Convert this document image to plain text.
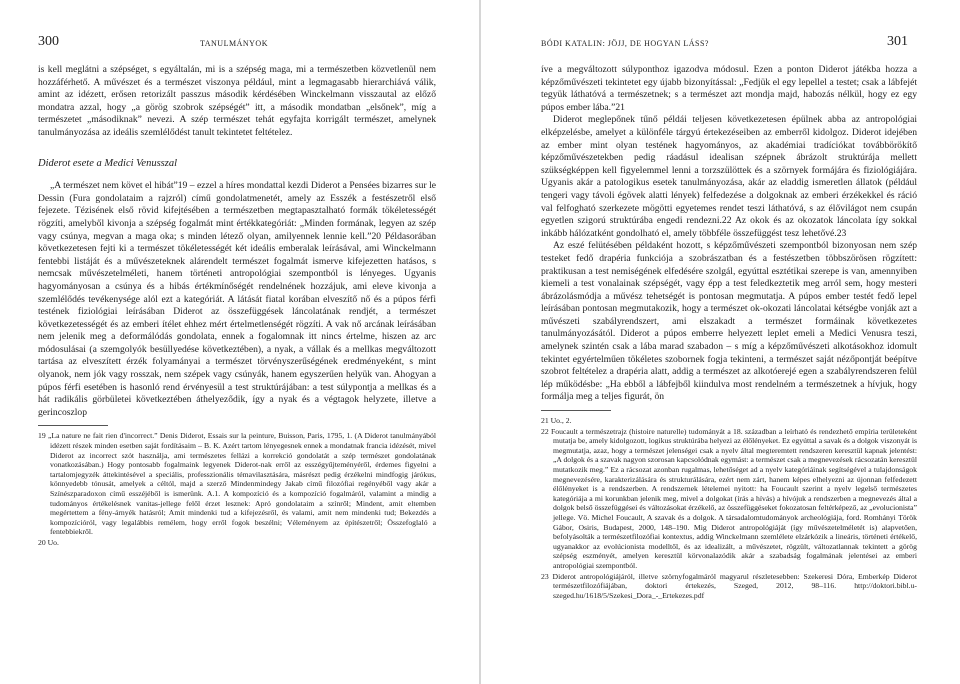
300	TANULMÁNYOK

is kell meglátni a szépséget, s egyáltalán, mi is a szépség maga, mi a természetben közvetlenül nem hozzáférhető. A művészet és a természet viszonya például, mint a legmagasabb hierarchiává válik, amint az idézett, erősen retorizált passzus második kérdésében Winckelmann visszautal az előző mondatra azzal, hogy „a görög szobrok szépségét” itt, a második mondatban „elsőnek”, míg a természetet „másodiknak” nevezi. A szép természet tehát egyfajta korrigált természet, amelynek tanulmányozása az ideális szemlélődést tanult tekintetet feltételez.

Diderot esete a Medici Venusszal

„A természet nem követ el hibát”19 – ezzel a híres mondattal kezdi Diderot a Pensées bizarres sur le Dessin (Fura gondolataim a rajzról) című gondolatmenetét, amely az Esszék a festészetről első fejezete. Tézisének első rövid kifejtésében a természetben megtapasztalható formák tökéletességét rögzíti, amelyből kivonja a szépség fogalmát mint értékkategóriát: „Minden formának, legyen az szép vagy csúnya, megvan a maga oka; s minden létező olyan, amilyennek lennie kell.”20 Példasorában következetesen fejti ki a természet tökéletességét két ideális emberalak leírásával, ami Winckelmann fentebbi listáját és a művészeteknek alárendelt természet fogalmát ismerve kifejezetten hatásos, s nemcsak művészetelméleti, hanem történeti antropológiai szempontból is lényeges. Ugyanis hagyományosan a csúnya és a hibás értékmínőségét rendelnének hozzájuk, ami eleve kivonja a szemlélődés tevékenysége alól ezt a kategóriát. A látását fiatal korában elveszítő nő és a púpos férfi testének fiziológiai leírásában Diderot az összefüggések láncolatának rendjét, a természet következetességét és az emberi ítélet ehhez mért értelmetlenségét rögzíti. A vak nő arcának leírásában nem jelenik meg a deformálódás gondolata, ennek a fogalomnak itt nincs értelme, hiszen az arc módosulásai (a szemgolyók besüllyedése következtében), a nyak, a vállak és a mellkas megváltozott tartása az elveszített érzék folyamányai a természet törvényszerűségének eredményeként, s mint olyanok, nem jók vagy rosszak, nem szépek vagy csúnyák, hanem egyszerűen helyük van. Ahogyan a púpos férfi esetében is hasonló rend érvényesül a test struktúrájában: a test súlypontja a mellkas és a hát radikális görbületei következtében áthelyeződik, így a nyak és a végtagok helyzete, illetve a gerincoszlop

19 „La nature ne fait rien d'incorrect.” Denis Diderot, Essais sur la peinture, Buisson, Paris, 1795, 1. (A Diderot tanulmányából idézett részek minden esetben saját fordításaim – B. K. Azért tartom lényegesnek ennek a mondatnak francia idézését, mivel Diderot az incorrect szót használja, ami természetes fellázi a korrekció gondolatát a szép természet gondolatának vonatkozásában.) Hogy pontosabb fogalmaink legyenek Diderot-nak erről az esszégyűjteményéről, érdemes figyelni a tartalomjegyzék áttekintésével a speciális, professzionális témavilasztására, másrészt pedig érzékelni mindfogig járókus, könnyedebb tónusát, amelyek a céltól, majd a szerző Mindenmindegy Jakab című filozófiai regényéből vagy akár a Színészparadoxon című esszéjéből is ismerünk. A.1. A kompozíció és a kompozíció fogalmáról, valamint a mindig a tudományos értékelésnek vanitas-jellege felől érzet lesznek: Apró gondolataim a színről; Mindent, amit eltemben megértettem a fény-árnyék hatásról; Amit mindenki tud a kifejezésről, és valami, amit nem mindenki tud; Bekezdés a kompozícióról, vagy legalábbis remélem, hogy erről fogok beszélni; Véleményem az építészetről; Összefoglaló a fentebbiekről.

20 Uo.

BÓDI KATALIN: JÖJJ, DE HOGYAN LÁSS?	301

íve a megváltozott súlyponthoz igazodva módosul. Ezen a ponton Diderot játékba hozza a képzőművészeti tekintetet egy újabb bizonyítással: „Fedjük el egy lepellel a testet; csak a lábfejét tegyük láthatóvá a természetnek; s a természet azt mondja majd, habozás nélkül, hogy ez egy púpos ember lába.”21

Diderot meglepőnek tűnő példái teljesen következetesen épülnek abba az antropológiai elképzelésbe, amelyet a különféle tárgyú értekezéseiben az emberről kidolgoz. Diderot idejében az ember mint olyan testének hagyományos, az akadémiai tradíciókat továbbörökítő képzőművészetekben pedig ráadásul idealisan szépnek ábrázolt struktúrája mellett szükségképpen kell figyelemmel lenni a torzszülöttek és a szörnyek formájára és fiziológiájára. Ugyanis akár a patologikus esetek tanulmányozása, akár az eladdig ismeretlen állatok (például tengeri vagy távoli égövek alatti lények) felfedezése a dolgoknak az emberi érzékekkel és ráció val felfogható szerkezete mögötti egyetemes rendet teszi láthatóvá, s az élővilágot nem csupán egyetlen szigorú struktúrába engedi rendezni.22 Az okok és az okozatok láncolata így sokkal inkább hálózatként gondolható el, amely többféle összefüggést tesz lehetővé.23

Az eszé felütésében példaként hozott, s képzőművészeti szempontból bizonyosan nem szép testeket fedő drapéria funkciója a szobrászatban és a festészetben többszörösen rögzített: praktikusan a test nemiségének elfedésére szolgál, egyúttal esztétikai szerepe is van, amennyiben kiemeli a test vonalainak szépségét, vagy épp a test feledkeztetik meg arról sem, hogy mesteri ábrázolásmódja a művész tehetségét is pontosan megmutatja. A púpos ember testét fedő lepel leírásában pontosan megmutakozik, hogy a természet ok-okozati láncolatai kétségbe vonják azt a művészeti szabályrendszert, ami elszakadt a természet formáinak következetes tanulmányozásától. Diderot a púpos emberre helyezett leplet emeli a Medici Venusra teszi, amelynek szintén csak a lába marad szabadon – s míg a képzőművészeti alkotásokhoz idomult tekintet egyértelműen tökéletes szobornek fogja tekinteni, a természet saját nézőpontját beépítve szobrot feltételez a drapéria alatt, addig a természet az alkotóerejé egen a szabályrendszeren felül lép működésbe: „Ha ebből a lábfejből kiindulva most rendelném a természetnek a hívjuk, hogy formálja meg a teljes figurát, ön

21 Uo., 2.

22 Foucault a természetrajz (histoire naturelle) tudományát a 18. században a leírható és rendezhető empíria területeként mutatja be, amely kidolgozott, logikus struktúrába helyezi az élőlényeket. Ez egyúttal a savak és a dolgok viszonyát is megmutatja, azaz, hogy a természet jelenségei csak a nyelv által megteremtett rendszeren keresztül kapnak jelentést: „A dolgok és a szavak nagyon szorosan kapcsolódnak egymást: a természet csak a megnevezések rácsozatán keresztül mutatkozik meg.” Ez a rácsozat azonban rugalmas, lehetőséget ad a nyelv kategóriáinak segítségével a tulajdonságok megnevezésére, karakterizálására és strukturálására, ezért nem zárt, hanem képes elhelyezni az újonnan felfedezett élőlényeket is a rendszerben. A rendszernek lételemei nyitott: ha Foucault szerint a nyelv legelső természetes kategóriája a mi korunkban jelenik meg, mivel a dolgokat (írás a hívás) a hívójuk a rendszerben a megnevezés által a dolgok belső összefüggései és változásokat érzékelő, az összefüggéseket fokozatosan feltérképező, az „evolucionista” jellege. Vö. Michel Foucault, A szavak és a dolgok. A társadalomtudományok archeológiája, ford. Romhányi Török Gábor, Osiris, Budapest, 2000, 148–190. Mig Diderot antropológiáját (így művészetelméletét is) alapvetően, befolyásolták a természetfilozófiai kontextus, addig Winckelmann szemlélete elzárkózik a lineáris, történeti értékelő, ugyanakkor az evolúcionista modelltől, és az idealizált, a művészetet, rögzült, változatlannak tekintett a görög szépség eszményét, amelyen keresztül körvonalazódik akár a szabadság fogalmának jelentései az emberi antropológiai szempontból.

23 Diderot antropológiájáról, illetve szörnyfogalmáról magyarul részletesebben: Szekeresi Dóra, Emberkép Diderot természetfilozófiájában, doktori értekezés, Szeged, 2012, 98–116. http://doktori.bibl.u-szeged.hu/1618/5/Szekesi_Dora_-_Ertekezes.pdf
